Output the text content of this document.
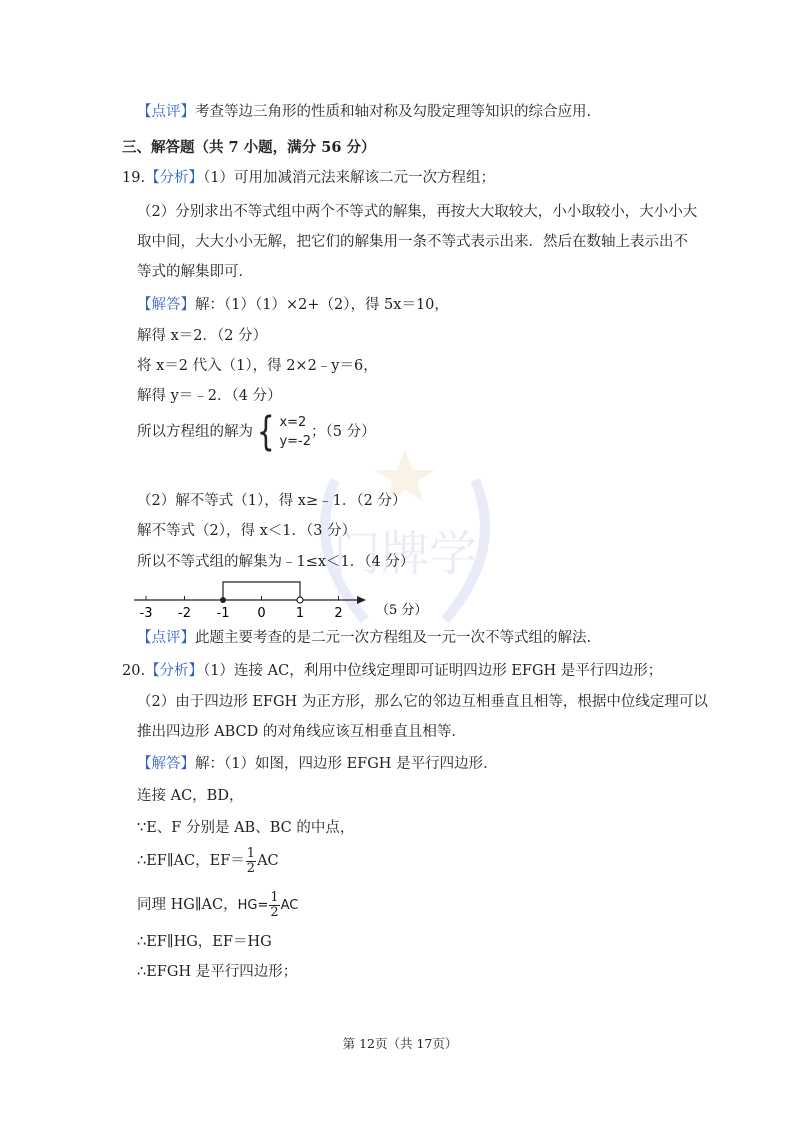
门牌学
【点评】考查等边三角形的性质和轴对称及勾股定理等知识的综合应用.
三、解答题（共 7 小题，满分 56 分）
19.【分析】（1）可用加减消元法来解该二元一次方程组；
（2）分别求出不等式组中两个不等式的解集，再按大大取较大，小小取较小，大小小大
取中间，大大小小无解，把它们的解集用一条不等式表示出来．然后在数轴上表示出不
等式的解集即可．
【解答】解：（1）（1）×2+（2），得 5x＝10，
解得 x＝2．（2 分）
将 x＝2 代入（1），得 2×2﹣y＝6，
解得 y＝﹣2．（4 分）
所以方程组的解为 { x=2
y=-2
；（5 分）
（2）解不等式（1），得 x≥﹣1．（2 分）
解不等式（2），得 x＜1．（3 分）
所以不等式组的解集为﹣1≤x＜1．（4 分）
-3 -2 -1 0 1 2	（5 分）
【点评】此题主要考查的是二元一次方程组及一元一次不等式组的解法.
20.【分析】（1）连接 AC，利用中位线定理即可证明四边形 EFGH 是平行四边形；
（2）由于四边形 EFGH 为正方形，那么它的邻边互相垂直且相等，根据中位线定理可以
推出四边形 ABCD 的对角线应该互相垂直且相等．
【解答】解：（1）如图，四边形 EFGH 是平行四边形．
连接 AC，BD，
∵E、F 分别是 AB、BC 的中点，
∴EF∥AC，$EF= \frac{1}{2}$ AC
同理 HG∥AC，$HG= \frac{1}{2}$ AC
∴EF∥HG，EF＝HG
∴EFGH 是平行四边形；
第 12页（共 17页）
